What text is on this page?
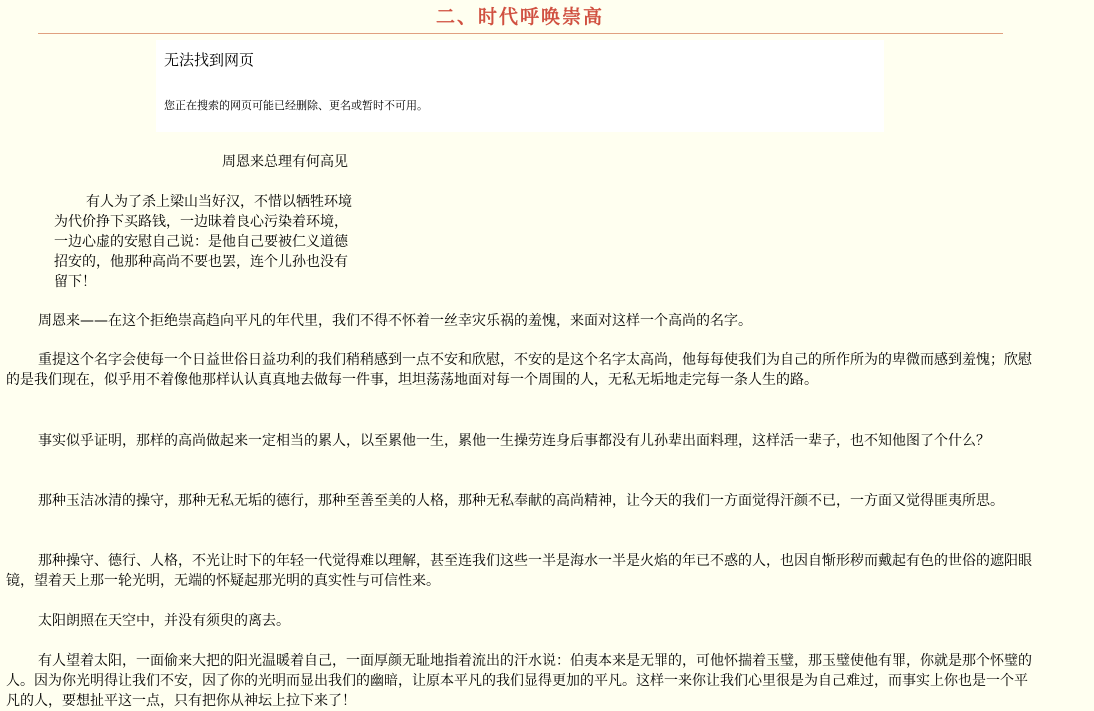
二、时代呼唤崇高
无法找到网页
您正在搜索的网页可能已经删除、更名或暂时不可用。
周恩来总理有何高见
有人为了杀上梁山当好汉，不惜以牺牲环境
为代价挣下买路钱，一边昧着良心污染着环境，
一边心虚的安慰自己说：是他自己要被仁义道德
招安的，他那种高尚不要也罢，连个儿孙也没有
留下！
周恩来——在这个拒绝崇高趋向平凡的年代里，我们不得不怀着一丝幸灾乐祸的羞愧，来面对这样一个高尚的名字。
重提这个名字会使每一个日益世俗日益功利的我们稍稍感到一点不安和欣慰，不安的是这个名字太高尚，他每每使我们为自己的所作所为的卑微而感到羞愧；欣慰的是我们现在，似乎用不着像他那样认认真真地去做每一件事，坦坦荡荡地面对每一个周围的人，无私无垢地走完每一条人生的路。
事实似乎证明，那样的高尚做起来一定相当的累人，以至累他一生，累他一生操劳连身后事都没有儿孙辈出面料理，这样活一辈子，也不知他图了个什么？
那种玉洁冰清的操守，那种无私无垢的德行，那种至善至美的人格，那种无私奉献的高尚精神，让今天的我们一方面觉得汗颜不已，一方面又觉得匪夷所思。
那种操守、德行、人格，不光让时下的年轻一代觉得难以理解，甚至连我们这些一半是海水一半是火焰的年已不惑的人，也因自惭形秽而戴起有色的世俗的遮阳眼镜，望着天上那一轮光明，无端的怀疑起那光明的真实性与可信性来。
太阳朗照在天空中，并没有须臾的离去。
有人望着太阳，一面偷来大把的阳光温暖着自己，一面厚颜无耻地指着流出的汗水说：伯夷本来是无罪的，可他怀揣着玉璧，那玉璧使他有罪，你就是那个怀璧的人。因为你光明得让我们不安，因了你的光明而显出我们的幽暗，让原本平凡的我们显得更加的平凡。这样一来你让我们心里很是为自己难过，而事实上你也是一个平凡的人，要想扯平这一点，只有把你从神坛上拉下来了！
